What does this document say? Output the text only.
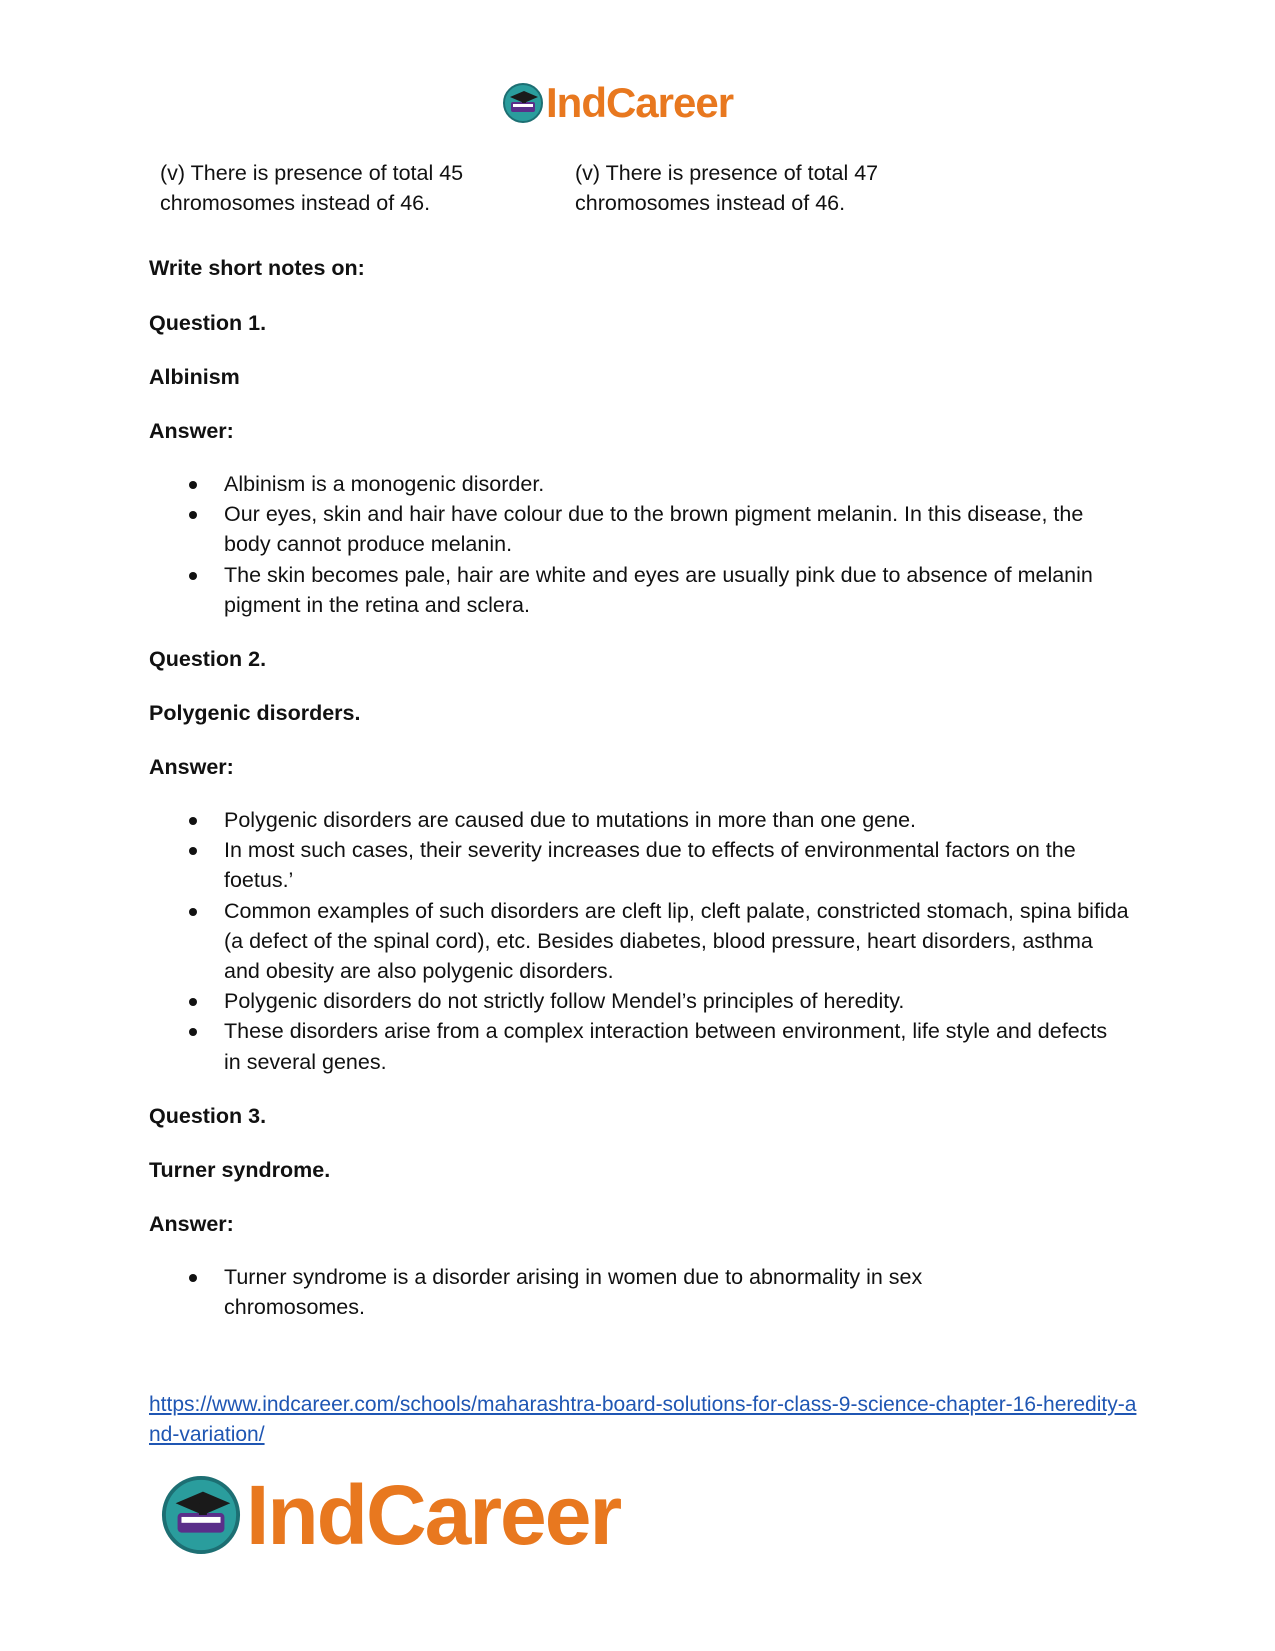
IndCareer
(v) There is presence of total 45 chromosomes instead of 46.
(v) There is presence of total 47 chromosomes instead of 46.

Write short notes on:

Question 1.

Albinism

Answer:

Albinism is a monogenic disorder.
Our eyes, skin and hair have colour due to the brown pigment melanin. In this disease, the body cannot produce melanin.
The skin becomes pale, hair are white and eyes are usually pink due to absence of melanin pigment in the retina and sclera.

Question 2.

Polygenic disorders.

Answer:

Polygenic disorders are caused due to mutations in more than one gene.
In most such cases, their severity increases due to effects of environmental factors on the foetus.’
Common examples of such disorders are cleft lip, cleft palate, constricted stomach, spina bifida (a defect of the spinal cord), etc. Besides diabetes, blood pressure, heart disorders, asthma and obesity are also polygenic disorders.
Polygenic disorders do not strictly follow Mendel’s principles of heredity.
These disorders arise from a complex interaction between environment, life style and defects in several genes.

Question 3.

Turner syndrome.

Answer:

Turner syndrome is a disorder arising in women due to abnormality in sex chromosomes.
https://www.indcareer.com/schools/maharashtra-board-solutions-for-class-9-science-chapter-16-heredity-and-variation/
IndCareer
